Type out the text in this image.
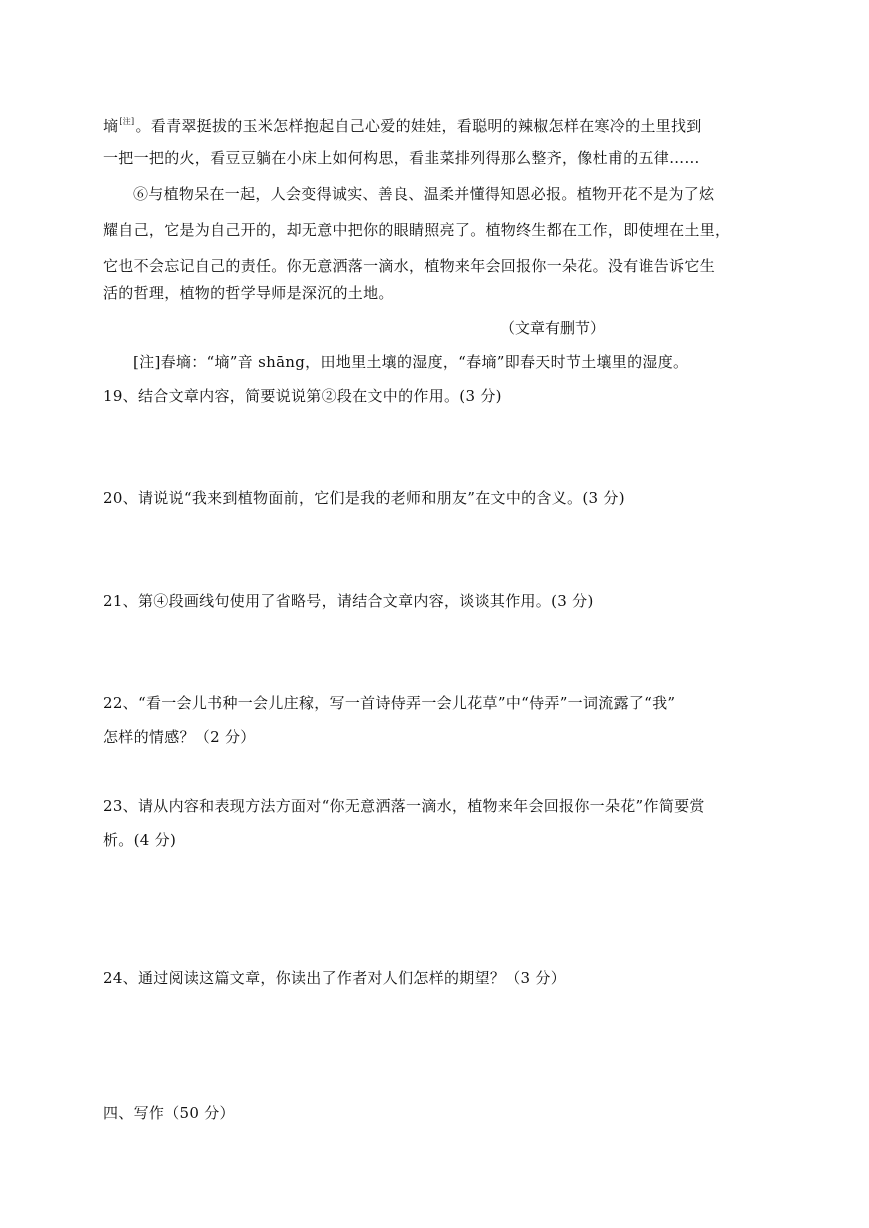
墒[注]。看青翠挺拔的玉米怎样抱起自己心爱的娃娃，看聪明的辣椒怎样在寒冷的土里找到
一把一把的火，看豆豆躺在小床上如何构思，看韭菜排列得那么整齐，像杜甫的五律……
⑥与植物呆在一起，人会变得诚实、善良、温柔并懂得知恩必报。植物开花不是为了炫
耀自己，它是为自己开的，却无意中把你的眼睛照亮了。植物终生都在工作，即使埋在土里，
它也不会忘记自己的责任。你无意洒落一滴水，植物来年会回报你一朵花。没有谁告诉它生
活的哲理，植物的哲学导师是深沉的土地。
（文章有删节）
[注]春墒：“墒”音 shāng，田地里土壤的湿度，“春墒”即春天时节土壤里的湿度。
19、结合文章内容，简要说说第②段在文中的作用。(3 分)
20、请说说“我来到植物面前，它们是我的老师和朋友”在文中的含义。(3 分)
21、第④段画线句使用了省略号，请结合文章内容，谈谈其作用。(3 分)
22、“看一会儿书种一会儿庄稼，写一首诗侍弄一会儿花草”中“侍弄”一词流露了“我”
怎样的情感？（2 分）
23、请从内容和表现方法方面对“你无意洒落一滴水，植物来年会回报你一朵花”作简要赏
析。(4 分)
24、通过阅读这篇文章，你读出了作者对人们怎样的期望？（3 分）
四、写作（50 分）
